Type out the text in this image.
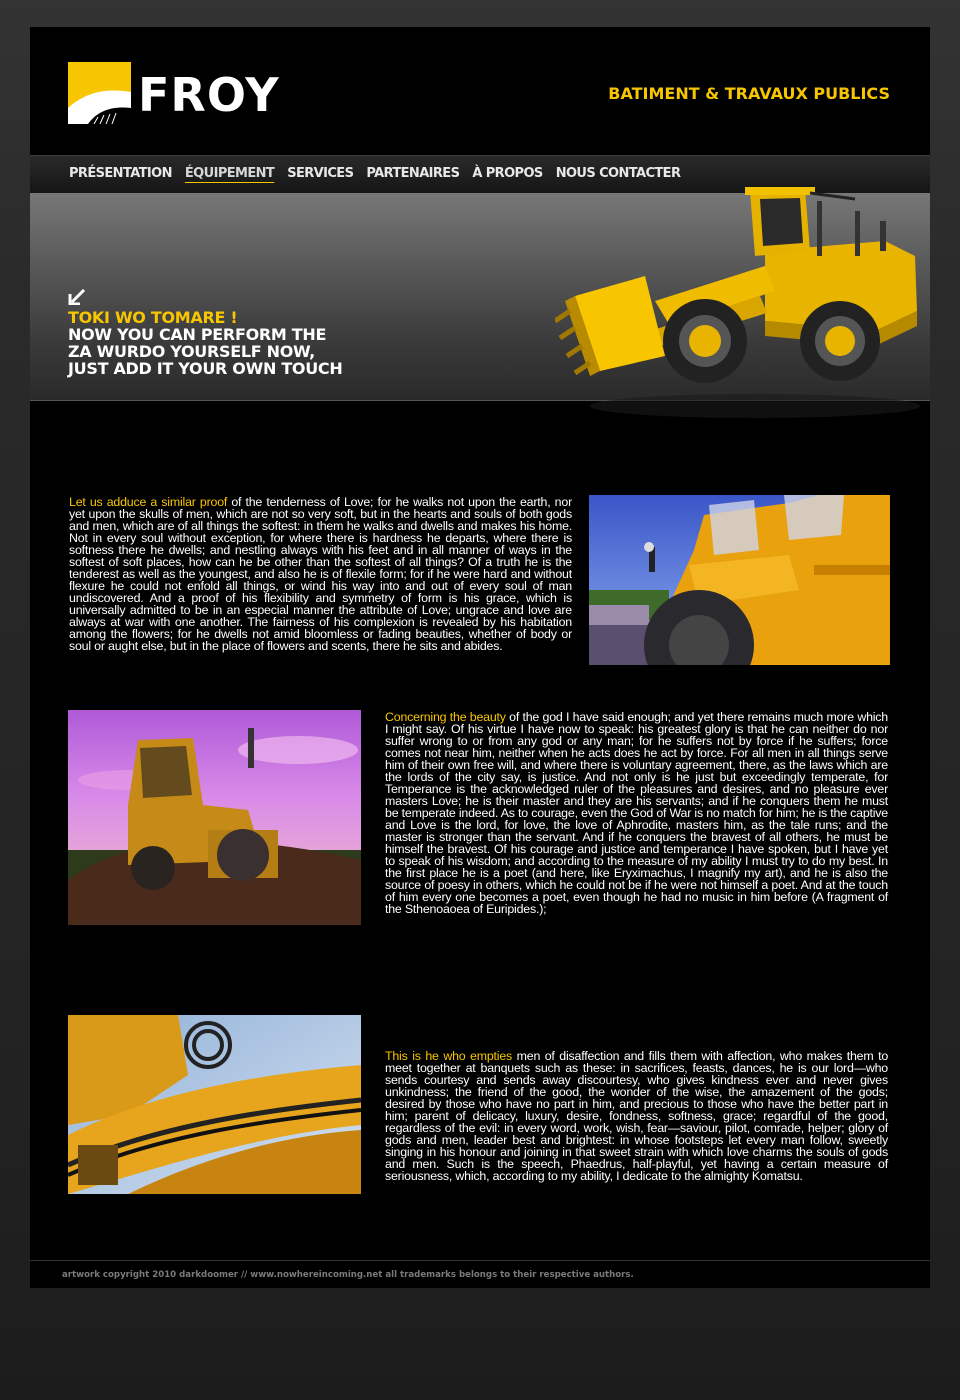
FROY	BATIMENT & TRAVAUX PUBLICS
PRÉSENTATION ÉQUIPEMENT SERVICES PARTENAIRES À PROPOS NOUS CONTACTER
TOKI WO TOMARE !
NOW YOU CAN PERFORM THE
ZA WURDO YOURSELF NOW,
JUST ADD IT YOUR OWN TOUCH
Let us adduce a similar proof of the tenderness of Love; for he walks not upon the earth, nor yet upon the skulls of men, which are not so very soft, but in the hearts and souls of both gods and men, which are of all things the softest: in them he walks and dwells and makes his home. Not in every soul without exception, for where there is hardness he departs, where there is softness there he dwells; and nestling always with his feet and in all manner of ways in the softest of soft places, how can he be other than the softest of all things? Of a truth he is the tenderest as well as the youngest, and also he is of flexile form; for if he were hard and without flexure he could not enfold all things, or wind his way into and out of every soul of man undiscovered. And a proof of his flexibility and symmetry of form is his grace, which is universally admitted to be in an especial manner the attribute of Love; ungrace and love are always at war with one another. The fairness of his complexion is revealed by his habitation among the flowers; for he dwells not amid bloomless or fading beauties, whether of body or soul or aught else, but in the place of flowers and scents, there he sits and abides.
Concerning the beauty of the god I have said enough; and yet there remains much more which I might say. Of his virtue I have now to speak: his greatest glory is that he can neither do nor suffer wrong to or from any god or any man; for he suffers not by force if he suffers; force comes not near him, neither when he acts does he act by force. For all men in all things serve him of their own free will, and where there is voluntary agreement, there, as the laws which are the lords of the city say, is justice. And not only is he just but exceedingly temperate, for Temperance is the acknowledged ruler of the pleasures and desires, and no pleasure ever masters Love; he is their master and they are his servants; and if he conquers them he must be temperate indeed. As to courage, even the God of War is no match for him; he is the captive and Love is the lord, for love, the love of Aphrodite, masters him, as the tale runs; and the master is stronger than the servant. And if he conquers the bravest of all others, he must be himself the bravest. Of his courage and justice and temperance I have spoken, but I have yet to speak of his wisdom; and according to the measure of my ability I must try to do my best. In the first place he is a poet (and here, like Eryximachus, I magnify my art), and he is also the source of poesy in others, which he could not be if he were not himself a poet. And at the touch of him every one becomes a poet, even though he had no music in him before (A fragment of the Sthenoaoea of Euripides.);
This is he who empties men of disaffection and fills them with affection, who makes them to meet together at banquets such as these: in sacrifices, feasts, dances, he is our lord—who sends courtesy and sends away discourtesy, who gives kindness ever and never gives unkindness; the friend of the good, the wonder of the wise, the amazement of the gods; desired by those who have no part in him, and precious to those who have the better part in him; parent of delicacy, luxury, desire, fondness, softness, grace; regardful of the good, regardless of the evil: in every word, work, wish, fear—saviour, pilot, comrade, helper; glory of gods and men, leader best and brightest: in whose footsteps let every man follow, sweetly singing in his honour and joining in that sweet strain with which love charms the souls of gods and men. Such is the speech, Phaedrus, half-playful, yet having a certain measure of seriousness, which, according to my ability, I dedicate to the almighty Komatsu.
artwork copyright 2010 darkdoomer // www.nowhereincoming.net all trademarks belongs to their respective authors.
